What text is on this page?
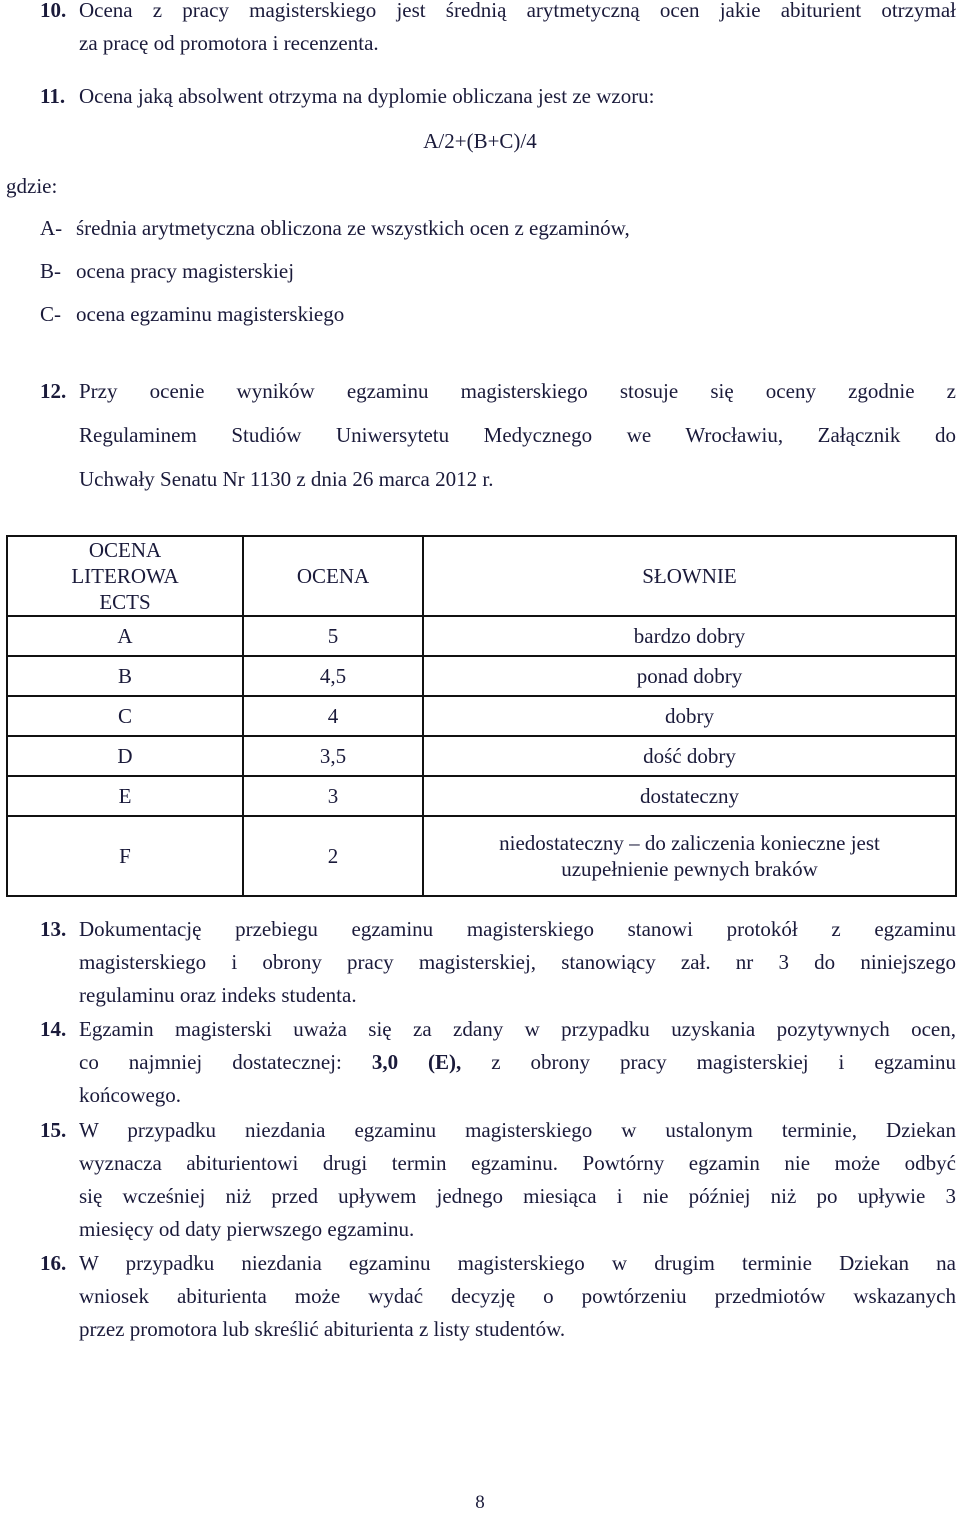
10. Ocena z pracy magisterskiego jest średnią arytmetyczną ocen jakie abiturient otrzymał
za pracę od promotora i recenzenta.
11. Ocena jaką absolwent otrzyma na dyplomie obliczana jest ze wzoru:
A/2+(B+C)/4
gdzie:
A- średnia arytmetyczna obliczona ze wszystkich ocen z egzaminów,
B- ocena pracy magisterskiej
C- ocena egzaminu magisterskiego
12. Przy ocenie wyników egzaminu magisterskiego stosuje się oceny zgodnie z
Regulaminem Studiów Uniwersytetu Medycznego we Wrocławiu, Załącznik do
Uchwały Senatu Nr 1130 z dnia 26 marca 2012 r.
OCENA LITEROWA ECTS	OCENA	SŁOWNIE
A	5	bardzo dobry
B	4,5	ponad dobry
C	4	dobry
D	3,5	dość dobry
E	3	dostateczny
F	2	niedostateczny – do zaliczenia konieczne jest uzupełnienie pewnych braków
13. Dokumentację przebiegu egzaminu magisterskiego stanowi protokół z egzaminu
magisterskiego i obrony pracy magisterskiej, stanowiący zał. nr 3 do niniejszego
regulaminu oraz indeks studenta.
14. Egzamin magisterski uważa się za zdany w przypadku uzyskania pozytywnych ocen,
co najmniej dostatecznej: 3,0 (E), z obrony pracy magisterskiej i egzaminu
końcowego.
15. W przypadku niezdania egzaminu magisterskiego w ustalonym terminie, Dziekan
wyznacza abiturientowi drugi termin egzaminu. Powtórny egzamin nie może odbyć
się wcześniej niż przed upływem jednego miesiąca i nie później niż po upływie 3
miesięcy od daty pierwszego egzaminu.
16. W przypadku niezdania egzaminu magisterskiego w drugim terminie Dziekan na
wniosek abiturienta może wydać decyzję o powtórzeniu przedmiotów wskazanych
przez promotora lub skreślić abiturienta z listy studentów.
8
